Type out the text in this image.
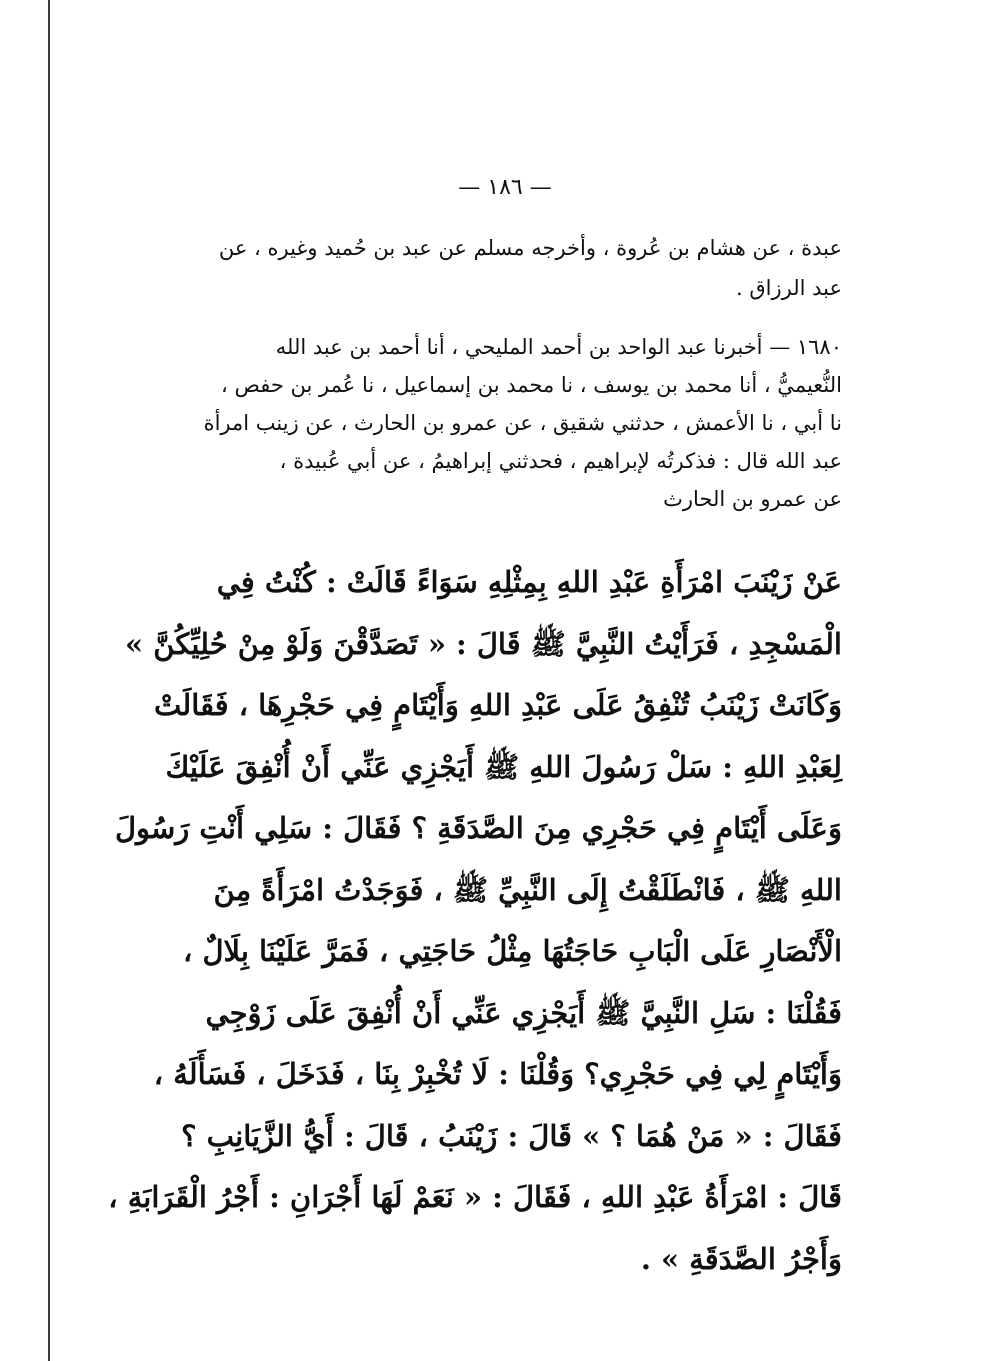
— ١٨٦ —
عبدة ، عن هشام بن عُروة ، وأخرجه مسلم عن عبد بن حُميد وغيره ، عن
عبد الرزاق .
١٦٨٠ — أخبرنا عبد الواحد بن أحمد المليحي ، أنا أحمد بن عبد الله
النُّعيميُّ ، أنا محمد بن يوسف ، نا محمد بن إسماعيل ، نا عُمر بن حفص ،
نا أبي ، نا الأعمش ، حدثني شقيق ، عن عمرو بن الحارث ، عن زينب امرأة
عبد الله قال : فذكرتُه لإبراهيم ، فحدثني إبراهيمُ ، عن أبي عُبيدة ،
عن عمرو بن الحارث
عَنْ زَيْنَبَ امْرَأَةِ عَبْدِ اللهِ بِمِثْلِهِ سَوَاءً قَالَتْ : كُنْتُ فِي
الْمَسْجِدِ ، فَرَأَيْتُ النَّبِيَّ ﷺ قَالَ : « تَصَدَّقْنَ وَلَوْ مِنْ حُلِيِّكُنَّ »
وَكَانَتْ زَيْنَبُ تُنْفِقُ عَلَى عَبْدِ اللهِ وَأَيْتَامٍ فِي حَجْرِهَا ، فَقَالَتْ
لِعَبْدِ اللهِ : سَلْ رَسُولَ اللهِ ﷺ أَيَجْزِي عَنِّي أَنْ أُنْفِقَ عَلَيْكَ
وَعَلَى أَيْتَامٍ فِي حَجْرِي مِنَ الصَّدَقَةِ ؟ فَقَالَ : سَلِي أَنْتِ رَسُولَ
اللهِ ﷺ ، فَانْطَلَقْتُ إِلَى النَّبِيِّ ﷺ ، فَوَجَدْتُ امْرَأَةً مِنَ
الْأَنْصَارِ عَلَى الْبَابِ حَاجَتُهَا مِثْلُ حَاجَتِي ، فَمَرَّ عَلَيْنَا بِلَالٌ ،
فَقُلْنَا : سَلِ النَّبِيَّ ﷺ أَيَجْزِي عَنِّي أَنْ أُنْفِقَ عَلَى زَوْجِي
وَأَيْتَامٍ لِي فِي حَجْرِي؟ وَقُلْنَا : لَا تُخْبِرْ بِنَا ، فَدَخَلَ ، فَسَأَلَهُ ،
فَقَالَ : « مَنْ هُمَا ؟ » قَالَ : زَيْنَبُ ، قَالَ : أَيُّ الزَّيَانِبِ ؟
قَالَ : امْرَأَةُ عَبْدِ اللهِ ، فَقَالَ : « نَعَمْ لَهَا أَجْرَانِ : أَجْرُ الْقَرَابَةِ ،
وَأَجْرُ الصَّدَقَةِ » .
